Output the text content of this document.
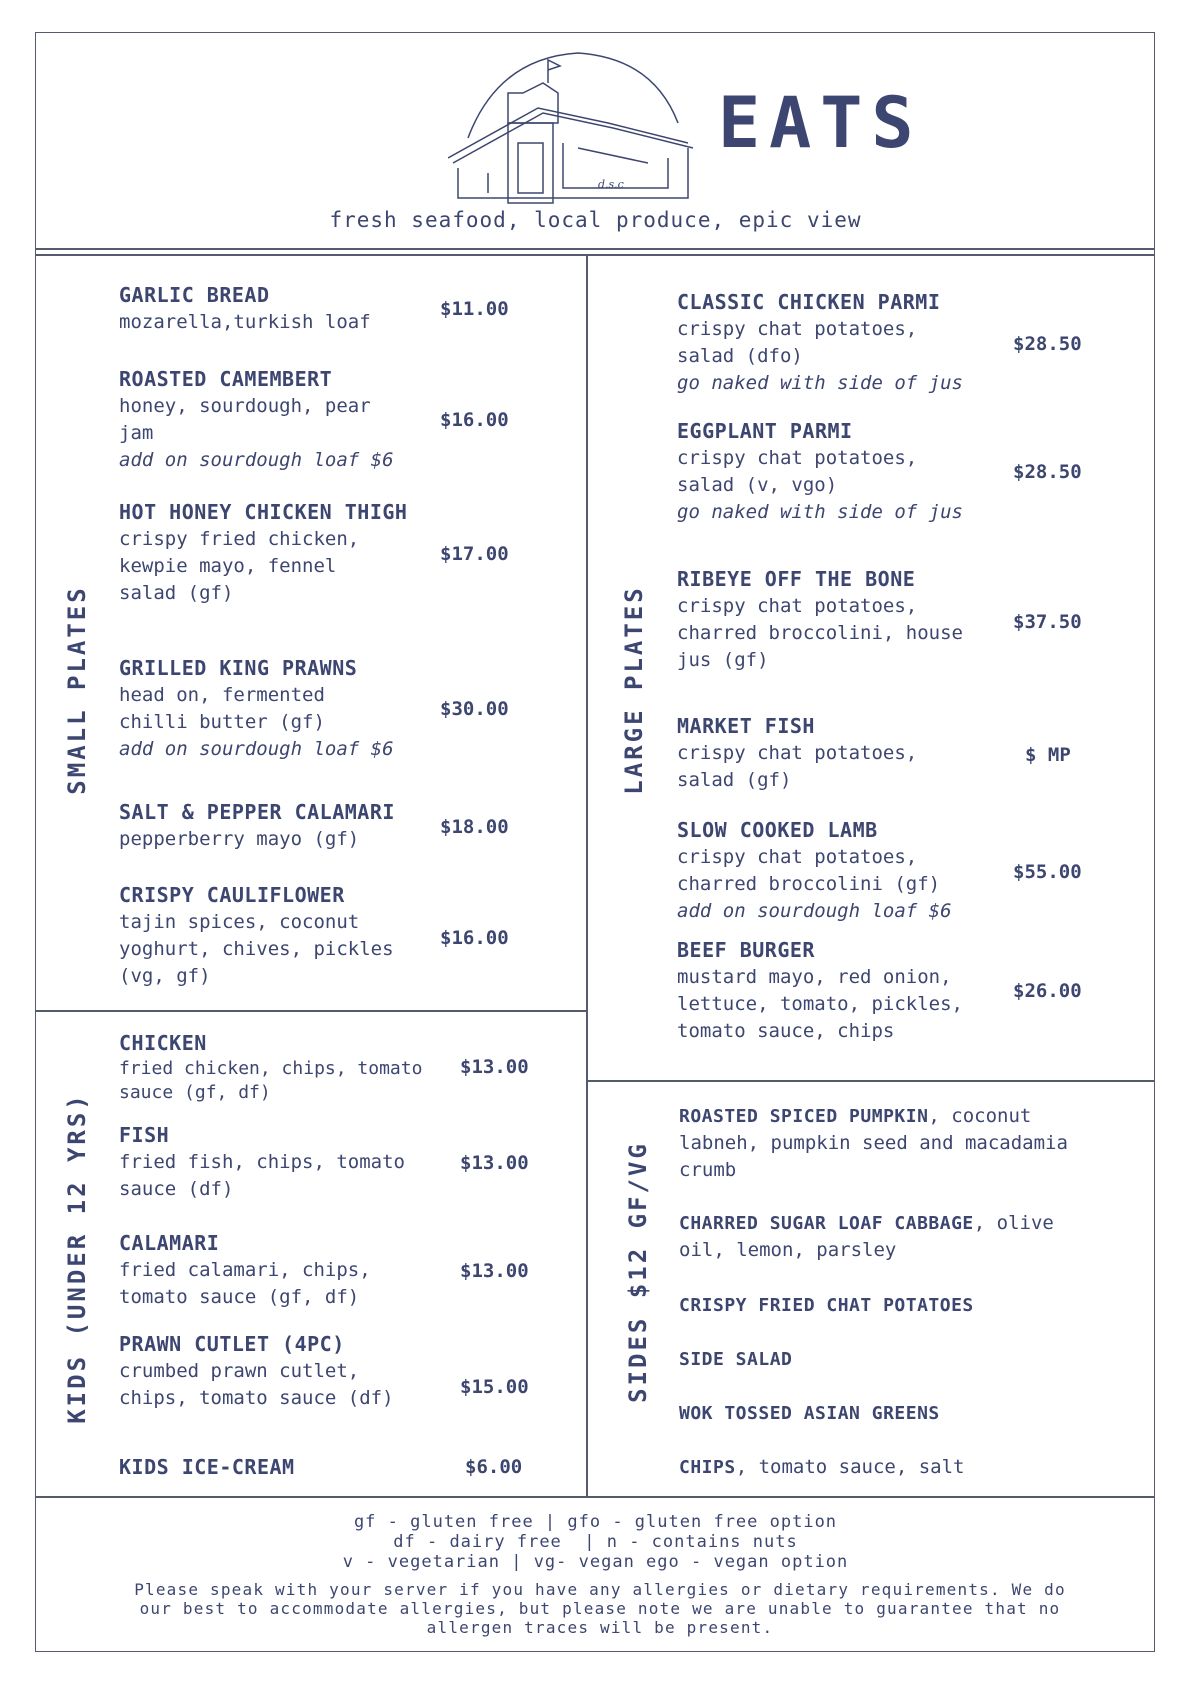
d.s.c
EATS
fresh seafood, local produce, epic view
SMALL PLATES	LARGE PLATES
KIDS (UNDER 12 YRS)	SIDES $12 GF/VG
GARLIC BREAD
mozarella,turkish loaf
$11.00
ROASTED CAMEMBERT
honey, sourdough, pear
jam
add on sourdough loaf $6
$16.00
HOT HONEY CHICKEN THIGH
crispy fried chicken,
kewpie mayo, fennel
salad (gf)
$17.00
GRILLED KING PRAWNS
head on, fermented
chilli butter (gf)
add on sourdough loaf $6
$30.00
SALT & PEPPER CALAMARI
pepperberry mayo (gf)
$18.00
CRISPY CAULIFLOWER
tajin spices, coconut
yoghurt, chives, pickles
(vg, gf)
$16.00
CHICKEN
fried chicken, chips, tomato
sauce (gf, df)
$13.00
FISH
fried fish, chips, tomato
sauce (df)
$13.00
CALAMARI
fried calamari, chips,
tomato sauce (gf, df)
$13.00
PRAWN CUTLET (4PC)
crumbed prawn cutlet,
chips, tomato sauce (df)	$15.00
KIDS ICE-CREAM	$6.00
CLASSIC CHICKEN PARMI
crispy chat potatoes,
salad (dfo)
go naked with side of jus
$28.50
EGGPLANT PARMI
crispy chat potatoes,
salad (v, vgo)
go naked with side of jus
$28.50
RIBEYE OFF THE BONE
crispy chat potatoes,
charred broccolini, house
jus (gf)
$37.50
MARKET FISH
crispy chat potatoes,
salad (gf)
$ MP
SLOW COOKED LAMB
crispy chat potatoes,
charred broccolini (gf)
add on sourdough loaf $6
$55.00
BEEF BURGER
mustard mayo, red onion,
lettuce, tomato, pickles,
tomato sauce, chips
$26.00
ROASTED SPICED PUMPKIN, coconut labneh, pumpkin seed and macadamia crumb
CHARRED SUGAR LOAF CABBAGE, olive oil, lemon, parsley
CRISPY FRIED CHAT POTATOES
SIDE SALAD
WOK TOSSED ASIAN GREENS
CHIPS, tomato sauce, salt
gf - gluten free | gfo - gluten free option
df - dairy free  | n - contains nuts
v - vegetarian | vg- vegan ego - vegan option
Please speak with your server if you have any allergies or dietary requirements. We do our best to accommodate allergies, but please note we are unable to guarantee that no allergen traces will be present.
